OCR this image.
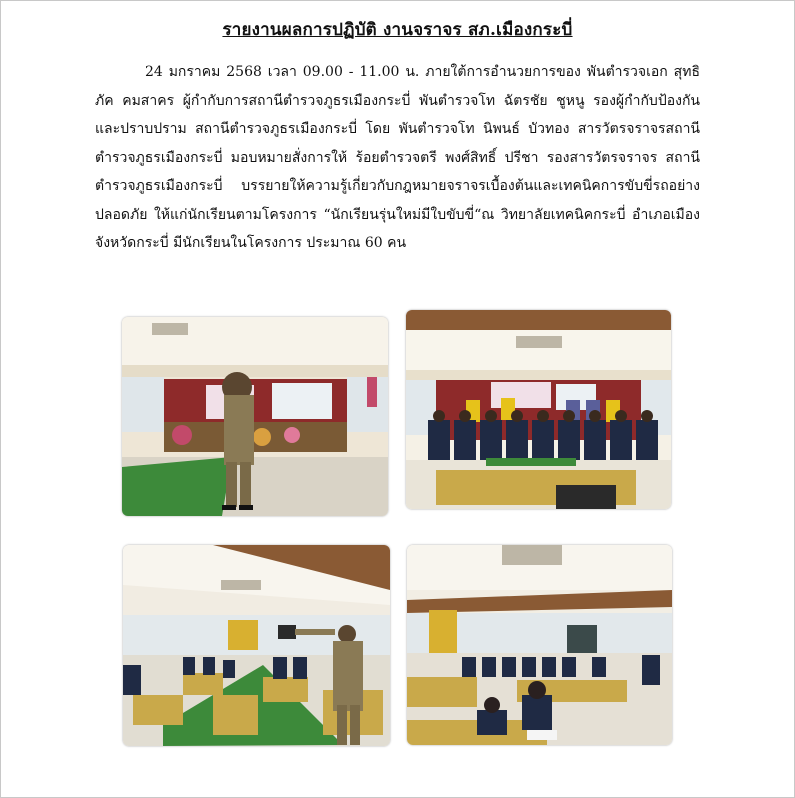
รายงานผลการปฏิบัติ งานจราจร สภ.เมืองกระบี่

24 มกราคม 2568 เวลา 09.00 - 11.00 น. ภายใต้การอำนวยการของ พันตำรวจเอก สุทธิภัค คมสาคร ผู้กำกับการสถานีตำรวจภูธรเมืองกระบี่ พันตำรวจโท ฉัตรชัย ชูหนู รองผู้กำกับป้องกันและปราบปราม สถานีตำรวจภูธรเมืองกระบี่ โดย พันตำรวจโท นิพนธ์ บัวทอง สารวัตรจราจรสถานีตำรวจภูธรเมืองกระบี่ มอบหมายสั่งการให้ ร้อยตำรวจตรี พงศ์สิทธิ์ ปรีชา รองสารวัตรจราจร สถานีตำรวจภูธรเมืองกระบี่ บรรยายให้ความรู้เกี่ยวกับกฎหมายจราจรเบื้องต้นและเทคนิคการขับขี่รถอย่างปลอดภัย ให้แก่นักเรียนตามโครงการ “นักเรียนรุ่นใหม่มีใบขับขี่“ณ วิทยาลัยเทคนิคกระบี่ อำเภอเมือง จังหวัดกระบี่ มีนักเรียนในโครงการ ประมาณ 60 คน
